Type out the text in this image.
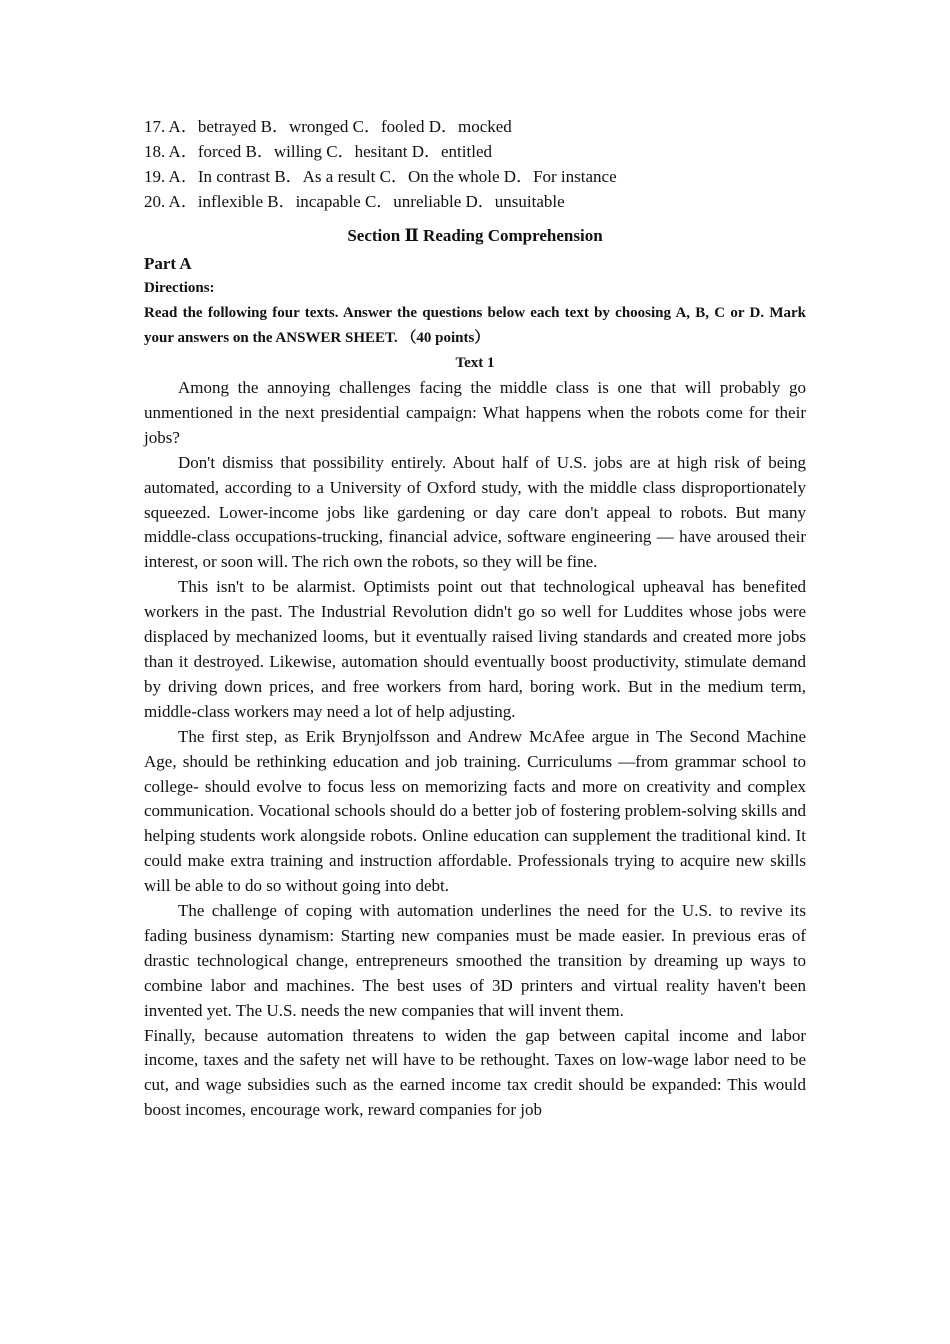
17. A．betrayed B．wronged C．fooled D．mocked
18. A．forced B．willing C．hesitant D．entitled
19. A．In contrast B．As a result C．On the whole D．For instance
20. A．inflexible B．incapable C．unreliable D．unsuitable
Section Ⅱ Reading Comprehension
Part A
Directions:
Read the following four texts. Answer the questions below each text by choosing A, B, C or D. Mark your answers on the ANSWER SHEET. （40 points）
Text 1

Among the annoying challenges facing the middle class is one that will probably go unmentioned in the next presidential campaign: What happens when the robots come for their jobs?

Don't dismiss that possibility entirely. About half of U.S. jobs are at high risk of being automated, according to a University of Oxford study, with the middle class disproportionately squeezed. Lower-income jobs like gardening or day care don't appeal to robots. But many middle-class occupations-trucking, financial advice, software engineering — have aroused their interest, or soon will. The rich own the robots, so they will be fine.

This isn't to be alarmist. Optimists point out that technological upheaval has benefited workers in the past. The Industrial Revolution didn't go so well for Luddites whose jobs were displaced by mechanized looms, but it eventually raised living standards and created more jobs than it destroyed. Likewise, automation should eventually boost productivity, stimulate demand by driving down prices, and free workers from hard, boring work. But in the medium term, middle-class workers may need a lot of help adjusting.

The first step, as Erik Brynjolfsson and Andrew McAfee argue in The Second Machine Age, should be rethinking education and job training. Curriculums —from grammar school to college- should evolve to focus less on memorizing facts and more on creativity and complex communication. Vocational schools should do a better job of fostering problem-solving skills and helping students work alongside robots. Online education can supplement the traditional kind. It could make extra training and instruction affordable. Professionals trying to acquire new skills will be able to do so without going into debt.

The challenge of coping with automation underlines the need for the U.S. to revive its fading business dynamism: Starting new companies must be made easier. In previous eras of drastic technological change, entrepreneurs smoothed the transition by dreaming up ways to combine labor and machines. The best uses of 3D printers and virtual reality haven't been invented yet. The U.S. needs the new companies that will invent them.

Finally, because automation threatens to widen the gap between capital income and labor income, taxes and the safety net will have to be rethought. Taxes on low-wage labor need to be cut, and wage subsidies such as the earned income tax credit should be expanded: This would boost incomes, encourage work, reward companies for job
